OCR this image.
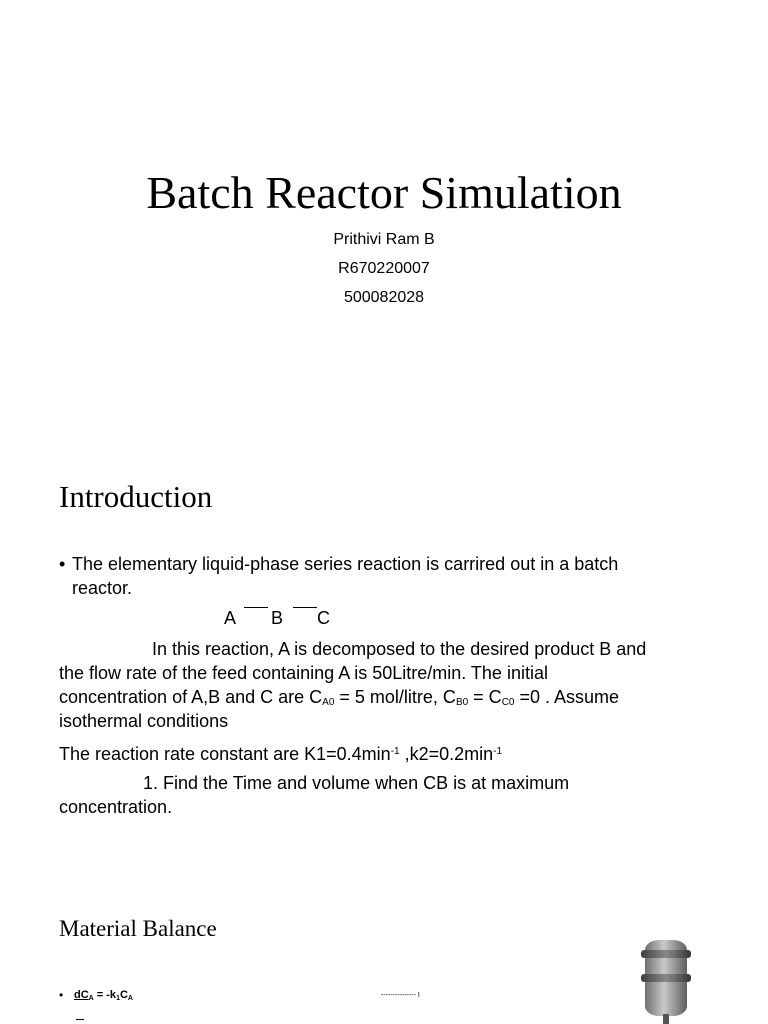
Batch Reactor Simulation
Prithivi Ram B
R670220007
500082028
Introduction
• The elementary liquid-phase series reaction is carrired out in a batch
reactor.
A B C
In this reaction, A is decomposed to the desired product B and
the flow rate of the feed containing A is 50Litre/min. The initial
concentration of A,B and C are $C_{A0} = 5$ mol/litre, $C_{B0} = C_{C0} =0$ . Assume
isothermal conditions
The reaction rate constant are $K1=0.4\min^{-1}$ $,k2=0.2\min^{-1}$
1. Find the Time and volume when CB is at maximum
concentration.
Material Balance
• $dC_A = -k_1C_A$	--------------- I
